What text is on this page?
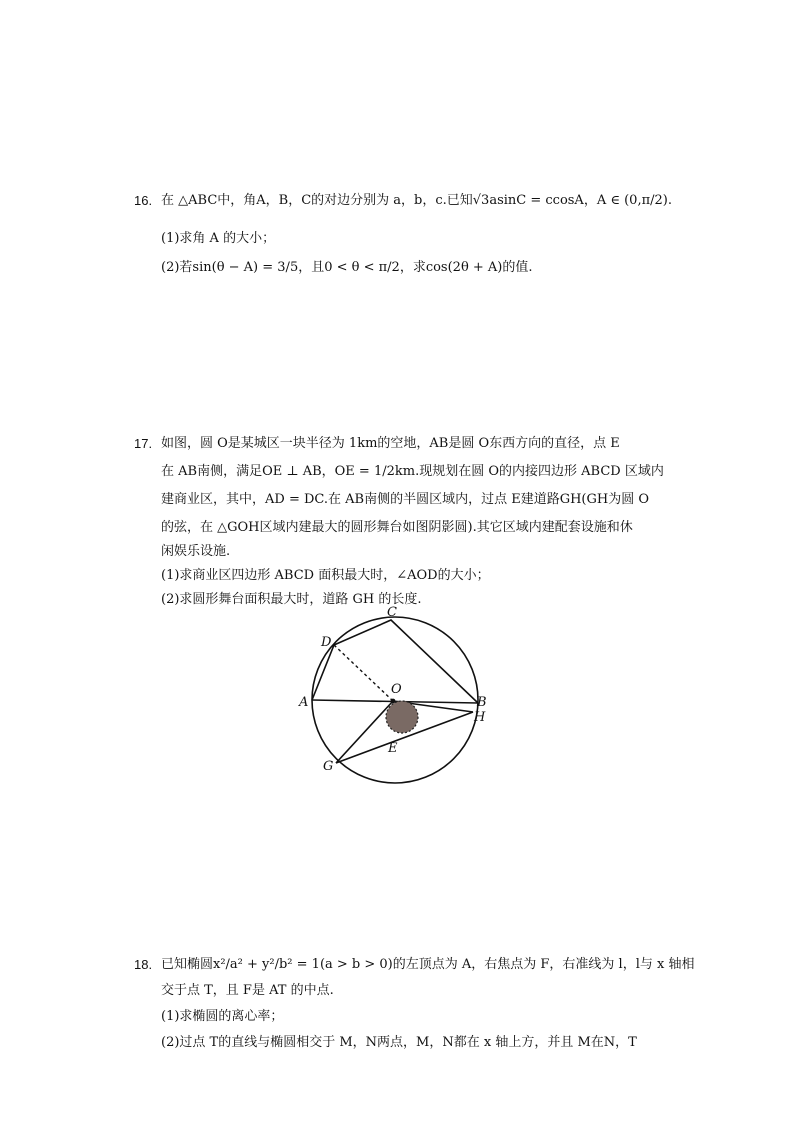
16. 在 △ABC中，角A，B，C的对边分别为 a，b，c.已知√3asinC = ccosA，A ∈ (0,π/2).
(1)求角 A 的大小；
(2)若sin(θ − A) = 3/5，且0 < θ < π/2，求cos(2θ + A)的值.
17. 如图，圆 O是某城区一块半径为 1km的空地，AB是圆 O东西方向的直径，点 E
在 AB南侧，满足OE ⊥ AB，OE = 1/2km.现规划在圆 O的内接四边形 ABCD 区域内
建商业区，其中，AD = DC.在 AB南侧的半圆区域内，过点 E建道路GH(GH为圆 O
的弦，在 △GOH区域内建最大的圆形舞台如图阴影圆).其它区域内建配套设施和休
闲娱乐设施.
(1)求商业区四边形 ABCD 面积最大时，∠AOD的大小；
(2)求圆形舞台面积最大时，道路 GH 的长度.
C
D
A
O
B
H
E
G
18. 已知椭圆x²/a² + y²/b² = 1(a > b > 0)的左顶点为 A，右焦点为 F，右准线为 l，l与 x 轴相
交于点 T，且 F是 AT 的中点.
(1)求椭圆的离心率；
(2)过点 T的直线与椭圆相交于 M，N两点，M，N都在 x 轴上方，并且 M在N，T
